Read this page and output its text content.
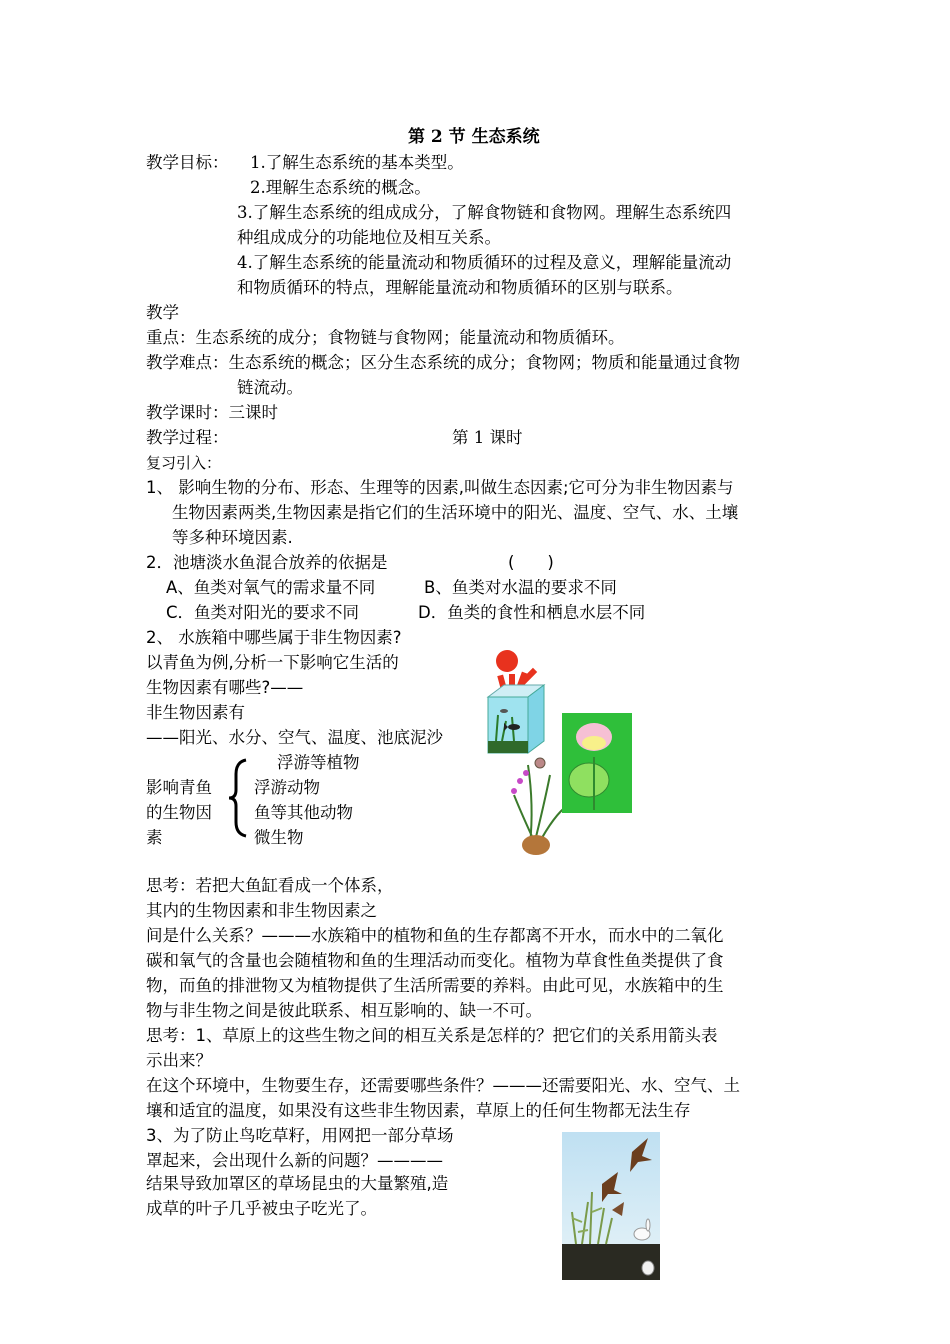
第 2 节 生态系统
教学目标： 1.了解生态系统的基本类型。
2.理解生态系统的概念。
3.了解生态系统的组成成分，了解食物链和食物网。理解生态系统四
种组成成分的功能地位及相互关系。
4.了解生态系统的能量流动和物质循环的过程及意义，理解能量流动
和物质循环的特点，理解能量流动和物质循环的区别与联系。
教学
重点：生态系统的成分；食物链与食物网；能量流动和物质循环。
教学难点：生态系统的概念；区分生态系统的成分；食物网；物质和能量通过食物
链流动。
教学课时：三课时
教学过程：	第 1 课时
复习引入：
1、 影响生物的分布、形态、生理等的因素,叫做生态因素;它可分为非生物因素与
生物因素两类,生物因素是指它们的生活环境中的阳光、温度、空气、水、土壤
等多种环境因素.
2．池塘淡水鱼混合放养的依据是	(　　)
A、鱼类对氧气的需求量不同	B、鱼类对水温的要求不同
C．鱼类对阳光的要求不同	D．鱼类的食性和栖息水层不同
2、 水族箱中哪些属于非生物因素?
以青鱼为例,分析一下影响它生活的
生物因素有哪些?——
非生物因素有
——阳光、水分、空气、温度、池底泥沙
浮游等植物
影响青鱼	浮游动物
的生物因	鱼等其他动物
素	微生物
思考：若把大鱼缸看成一个体系，
其内的生物因素和非生物因素之
间是什么关系？———水族箱中的植物和鱼的生存都离不开水，而水中的二氧化
碳和氧气的含量也会随植物和鱼的生理活动而变化。植物为草食性鱼类提供了食
物，而鱼的排泄物又为植物提供了生活所需要的养料。由此可见，水族箱中的生
物与非生物之间是彼此联系、相互影响的、缺一不可。
思考：1、草原上的这些生物之间的相互关系是怎样的？把它们的关系用箭头表
示出来？
在这个环境中，生物要生存，还需要哪些条件？———还需要阳光、水、空气、土
壤和适宜的温度，如果没有这些非生物因素，草原上的任何生物都无法生存
3、为了防止鸟吃草籽，用网把一部分草场
罩起来，会出现什么新的问题？————
结果导致加罩区的草场昆虫的大量繁殖,造
成草的叶子几乎被虫子吃光了。
